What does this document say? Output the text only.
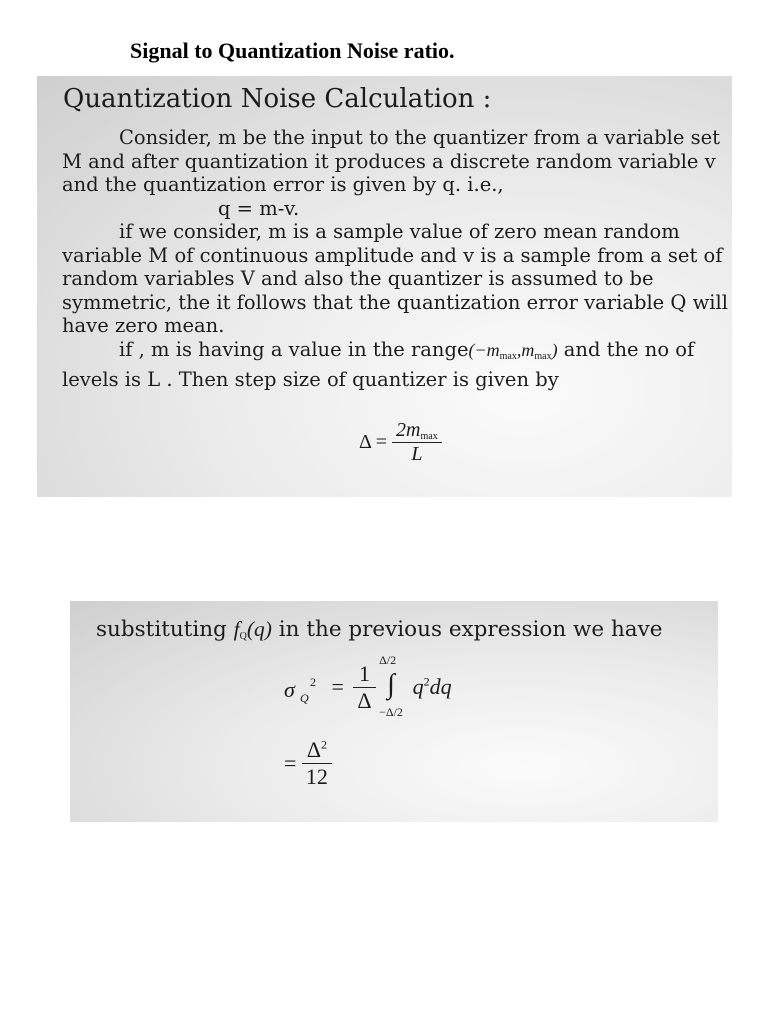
Signal to Quantization Noise ratio.
Quantization Noise Calculation :

Consider, m be the input to the quantizer from a variable set M and after quantization it produces a discrete random variable v and the quantization error is given by q. i.e.,

q = m-v.

if we consider, m is a sample value of zero mean random variable M of continuous amplitude and v is a sample from a set of random variables V and also the quantizer is assumed to be symmetric, the it follows that the quantization error variable Q will have zero mean.

if , m is having a value in the $range(-m_{max},m_{max})$ and the no of levels is L . Then step size of quantizer is given by

$\Delta = \frac{2m_{max}}{L}$
substituting $f_Q(q)$ in the previous expression we have
σ 2
$Q = \frac{1}{\Delta}$

Δ/2
∫
−Δ/2
$q^2dq$
= $\frac{\Delta^2}{12}$
